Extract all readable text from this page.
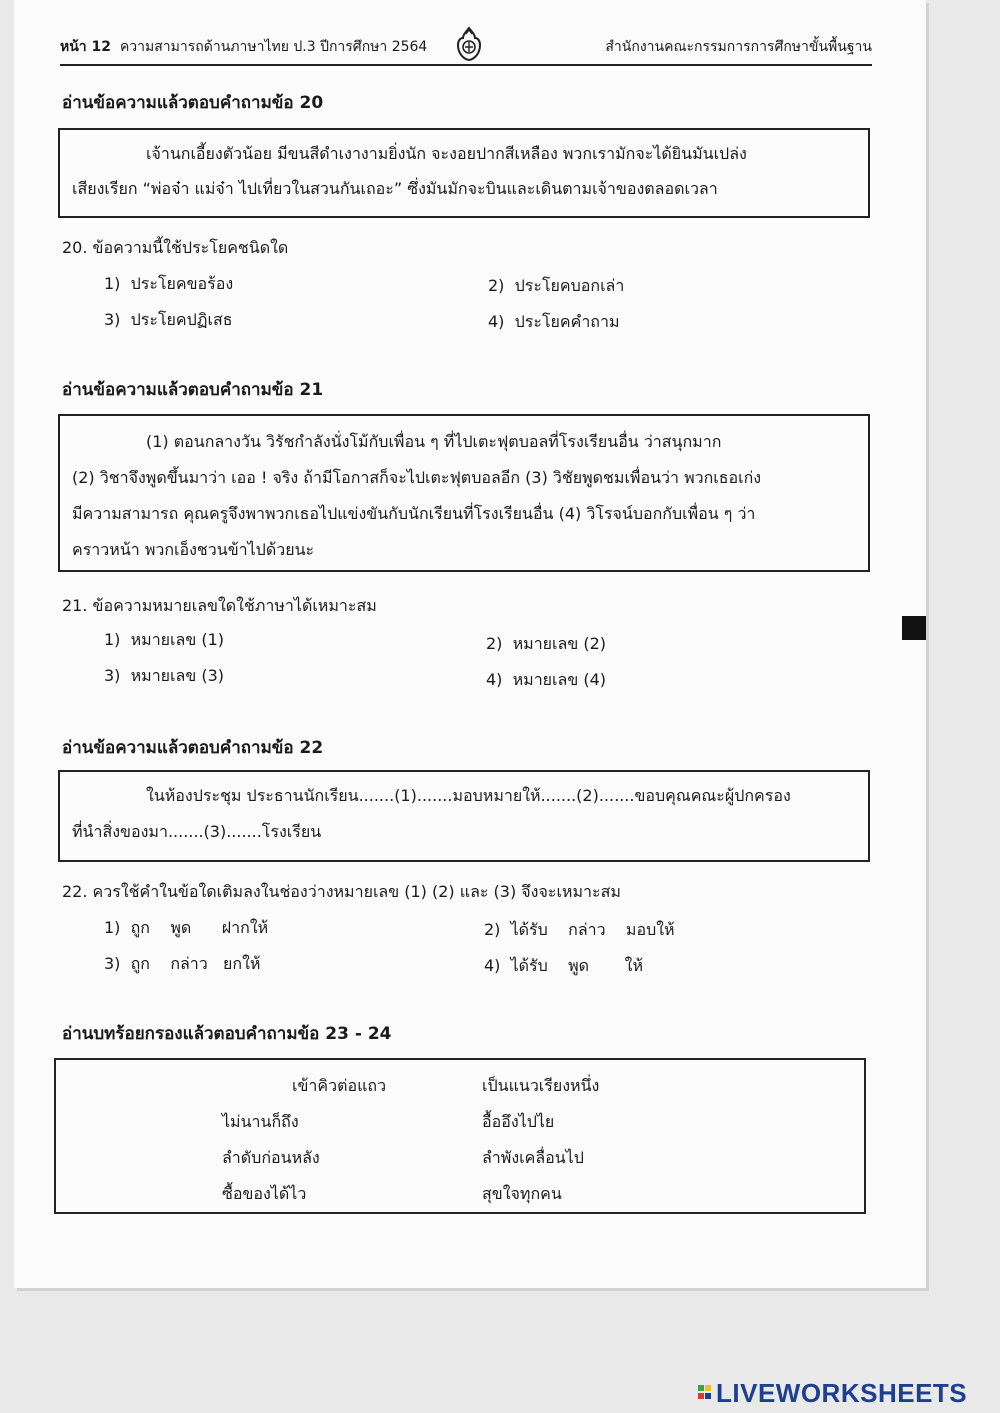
หน้า 12 ความสามารถด้านภาษาไทย ป.3 ปีการศึกษา 2564	สำนักงานคณะกรรมการการศึกษาขั้นพื้นฐาน
อ่านข้อความแล้วตอบคำถามข้อ 20

เจ้านกเอี้ยงตัวน้อย มีขนสีดำเงางามยิ่งนัก จะงอยปากสีเหลือง พวกเรามักจะได้ยินมันเปล่ง

เสียงเรียก “พ่อจ๋า แม่จ๋า ไปเที่ยวในสวนกันเถอะ” ซึ่งมันมักจะบินและเดินตามเจ้าของตลอดเวลา

20. ข้อความนี้ใช้ประโยคชนิดใด
1)  ประโยคขอร้อง	2)  ประโยคบอกเล่า
3)  ประโยคปฏิเสธ	4)  ประโยคคำถาม
อ่านข้อความแล้วตอบคำถามข้อ 21

(1) ตอนกลางวัน วิรัชกำลังนั่งโม้กับเพื่อน ๆ ที่ไปเตะฟุตบอลที่โรงเรียนอื่น ว่าสนุกมาก

(2) วิชาจึงพูดขึ้นมาว่า เออ ! จริง ถ้ามีโอกาสก็จะไปเตะฟุตบอลอีก (3) วิชัยพูดชมเพื่อนว่า พวกเธอเก่ง

มีความสามารถ คุณครูจึงพาพวกเธอไปแข่งขันกับนักเรียนที่โรงเรียนอื่น (4) วิโรจน์บอกกับเพื่อน ๆ ว่า

คราวหน้า พวกเอ็งชวนข้าไปด้วยนะ

21. ข้อความหมายเลขใดใช้ภาษาได้เหมาะสม
1)  หมายเลข (1)	2)  หมายเลข (2)
3)  หมายเลข (3)	4)  หมายเลข (4)
อ่านข้อความแล้วตอบคำถามข้อ 22

ในห้องประชุม ประธานนักเรียน.......(1).......มอบหมายให้.......(2).......ขอบคุณคณะผู้ปกครอง

ที่นำสิ่งของมา.......(3).......โรงเรียน

22. ควรใช้คำในข้อใดเติมลงในช่องว่างหมายเลข (1) (2) และ (3) จึงจะเหมาะสม
1)  ถูก    พูด      ฝากให้	2)  ได้รับ    กล่าว    มอบให้
3)  ถูก    กล่าว   ยกให้	4)  ได้รับ    พูด       ให้
อ่านบทร้อยกรองแล้วตอบคำถามข้อ 23 - 24
เข้าคิวต่อแถว	เป็นแนวเรียงหนึ่ง
ไม่นานก็ถึง	อื้ออึงไปไย
ลำดับก่อนหลัง	ลำพังเคลื่อนไป
ซื้อของได้ไว	สุขใจทุกคน
LIVEWORKSHEETS
